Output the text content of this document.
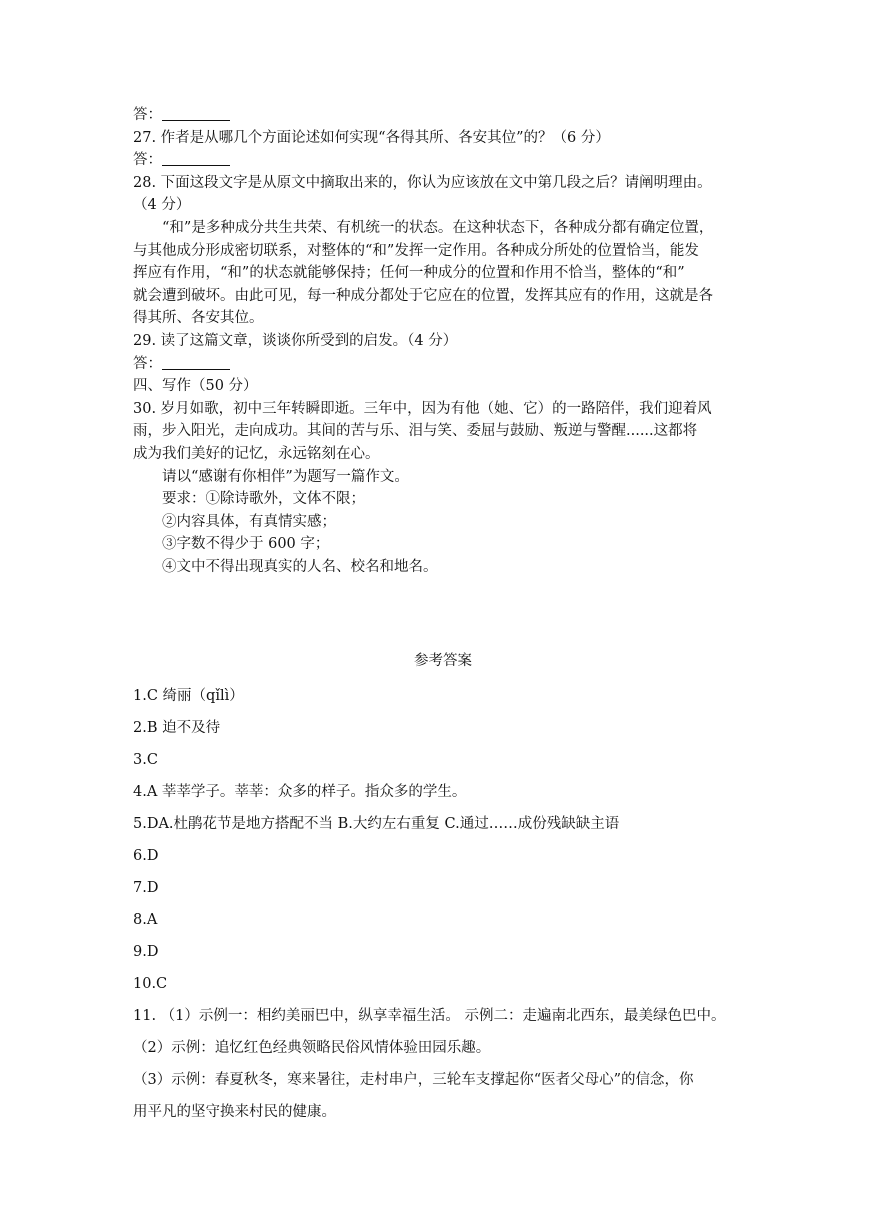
答：
27. 作者是从哪几个方面论述如何实现“各得其所、各安其位”的？（6 分）
答：
28. 下面这段文字是从原文中摘取出来的，你认为应该放在文中第几段之后？请阐明理由。
（4 分）
“和”是多种成分共生共荣、有机统一的状态。在这种状态下，各种成分都有确定位置，
与其他成分形成密切联系，对整体的“和”发挥一定作用。各种成分所处的位置恰当，能发
挥应有作用，“和”的状态就能够保持；任何一种成分的位置和作用不恰当，整体的“和”
就会遭到破坏。由此可见，每一种成分都处于它应在的位置，发挥其应有的作用，这就是各
得其所、各安其位。
29. 读了这篇文章，谈谈你所受到的启发。（4 分）
答：
四、写作（50 分）
30. 岁月如歌，初中三年转瞬即逝。三年中，因为有他（她、它）的一路陪伴，我们迎着风
雨，步入阳光，走向成功。其间的苦与乐、泪与笑、委屈与鼓励、叛逆与警醒......这都将
成为我们美好的记忆，永远铭刻在心。
请以“感谢有你相伴”为题写一篇作文。
要求：①除诗歌外，文体不限；
②内容具体，有真情实感；
③字数不得少于 600 字；
④文中不得出现真实的人名、校名和地名。
参考答案
1.C 绮丽（qǐlì）
2.B 迫不及待
3.C
4.A 莘莘学子。莘莘：众多的样子。指众多的学生。
5.DA.杜鹃花节是地方搭配不当 B.大约左右重复 C.通过……成份残缺缺主语
6.D
7.D
8.A
9.D
10.C
11. （1）示例一：相约美丽巴中，纵享幸福生活。 示例二：走遍南北西东，最美绿色巴中。
（2）示例：追忆红色经典领略民俗风情体验田园乐趣。
（3）示例：春夏秋冬，寒来暑往，走村串户，三轮车支撑起你“医者父母心”的信念，你
用平凡的坚守换来村民的健康。
